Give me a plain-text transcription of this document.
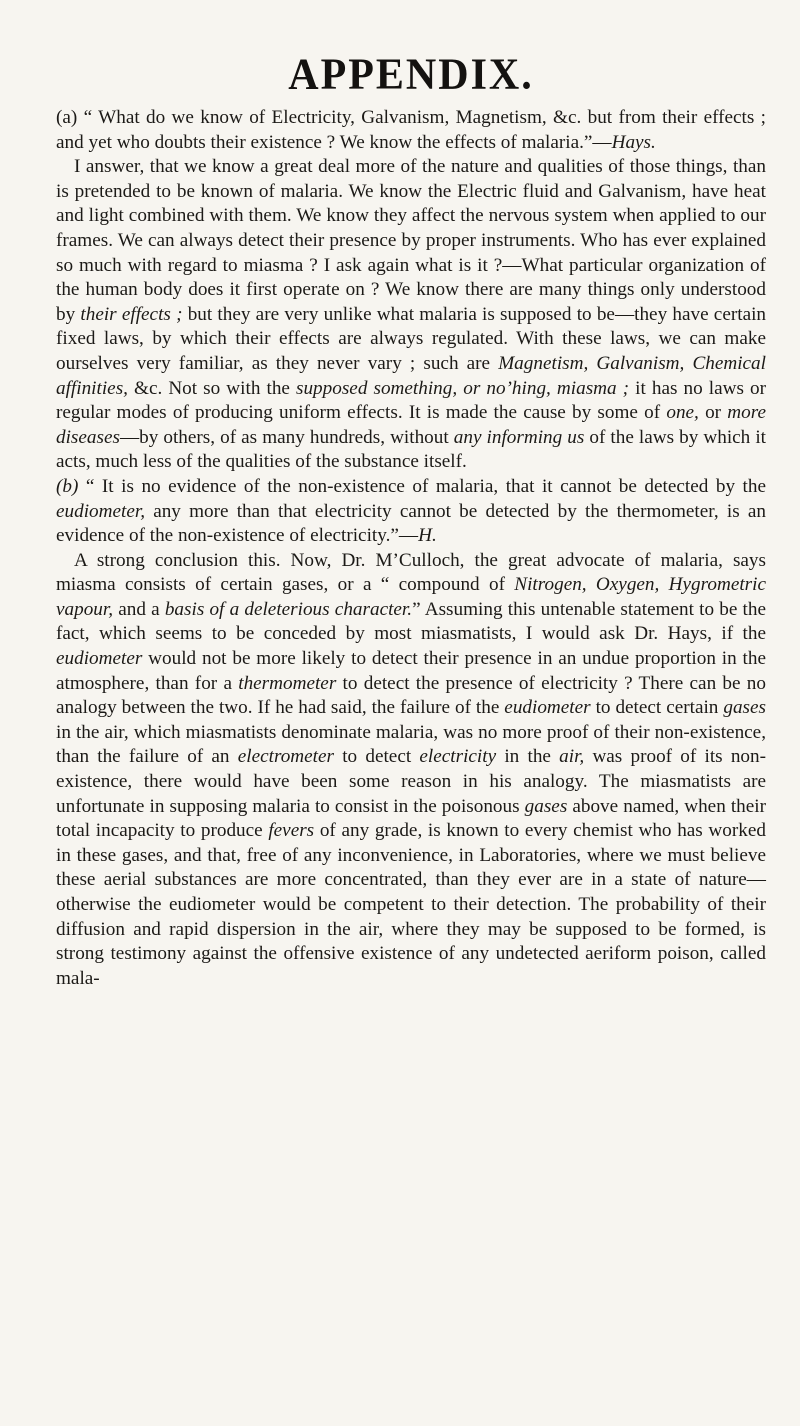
APPENDIX.

(a) “ What do we know of Electricity, Galvanism, Magnetism, &c. but from their effects ; and yet who doubts their existence ? We know the effects of malaria.”—Hays.

I answer, that we know a great deal more of the nature and qualities of those things, than is pretended to be known of malaria. We know the Electric fluid and Galvanism, have heat and light combined with them. We know they affect the nervous system when applied to our frames. We can always detect their presence by proper instruments. Who has ever explained so much with regard to miasma ? I ask again what is it ?—What particular organization of the human body does it first operate on ? We know there are many things only understood by their effects ; but they are very unlike what malaria is supposed to be—they have certain fixed laws, by which their effects are always regulated. With these laws, we can make ourselves very familiar, as they never vary ; such are Magnetism, Galvanism, Chemical affinities, &c. Not so with the supposed something, or no’hing, miasma ; it has no laws or regular modes of producing uniform effects. It is made the cause by some of one, or more diseases—by others, of as many hundreds, without any informing us of the laws by which it acts, much less of the qualities of the substance itself.

(b) “ It is no evidence of the non-existence of malaria, that it cannot be detected by the eudiometer, any more than that electricity cannot be detected by the thermometer, is an evidence of the non-existence of electricity.”—H.

A strong conclusion this. Now, Dr. M’Culloch, the great advocate of malaria, says miasma consists of certain gases, or a “ compound of Nitrogen, Oxygen, Hygrometric vapour, and a basis of a deleterious character.” Assuming this untenable statement to be the fact, which seems to be conceded by most miasmatists, I would ask Dr. Hays, if the eudiometer would not be more likely to detect their presence in an undue proportion in the atmosphere, than for a thermometer to detect the presence of electricity ? There can be no analogy between the two. If he had said, the failure of the eudiometer to detect certain gases in the air, which miasmatists denominate malaria, was no more proof of their non-existence, than the failure of an electrometer to detect electricity in the air, was proof of its non-existence, there would have been some reason in his analogy. The miasmatists are unfortunate in supposing malaria to consist in the poisonous gases above named, when their total incapacity to produce fevers of any grade, is known to every chemist who has worked in these gases, and that, free of any inconvenience, in Laboratories, where we must believe these aerial substances are more concentrated, than they ever are in a state of nature—otherwise the eudiometer would be competent to their detection. The probability of their diffusion and rapid dispersion in the air, where they may be supposed to be formed, is strong testimony against the offensive existence of any undetected aeriform poison, called mala-
